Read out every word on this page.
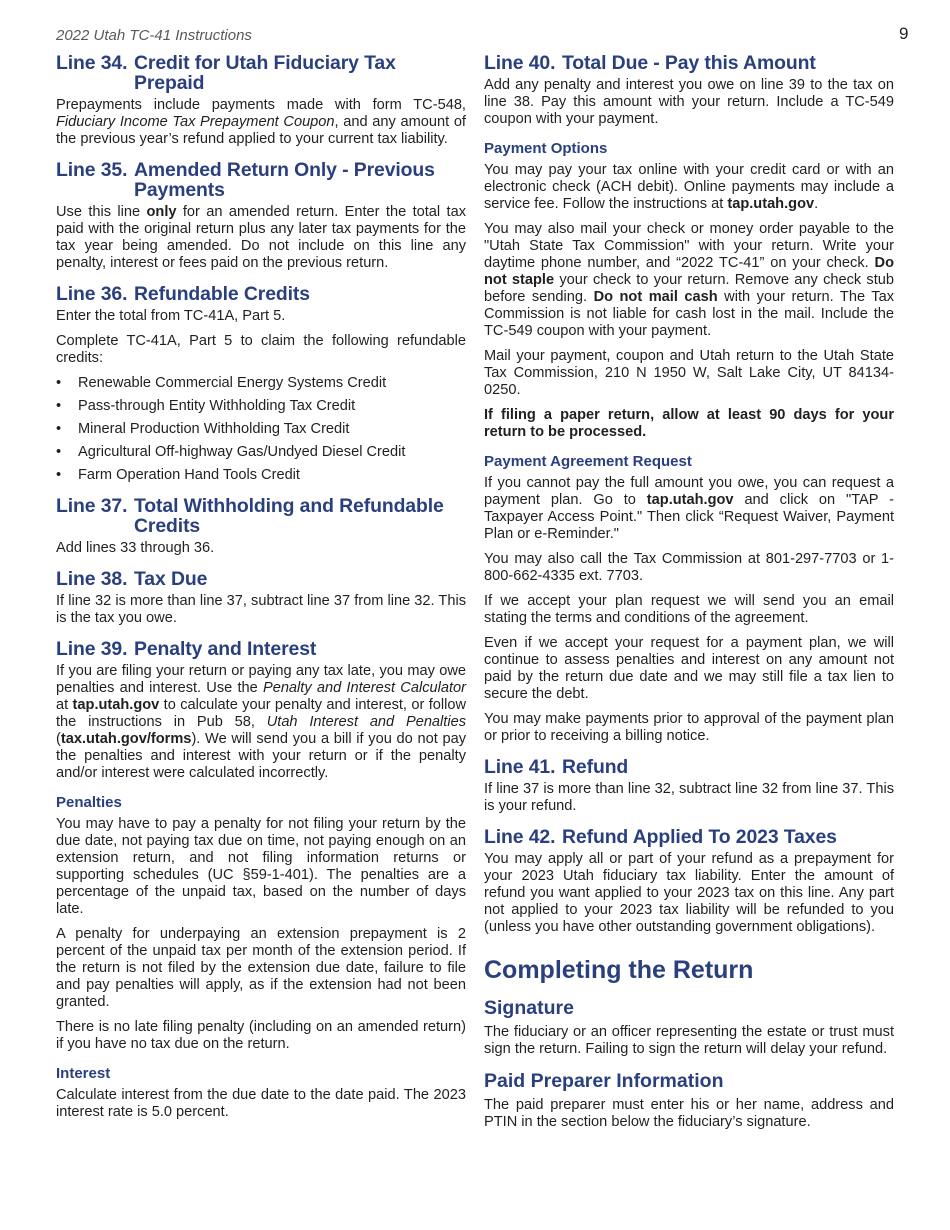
2022 Utah TC-41 Instructions	9
Line 34. Credit for Utah Fiduciary Tax Prepaid

Prepayments include payments made with form TC-548, Fiduciary Income Tax Prepayment Coupon, and any amount of the previous year’s refund applied to your current tax liability.

Line 35. Amended Return Only - Previous Payments

Use this line only for an amended return. Enter the total tax paid with the original return plus any later tax payments for the tax year being amended. Do not include on this line any penalty, interest or fees paid on the previous return.

Line 36. Refundable Credits

Enter the total from TC-41A, Part 5.

Complete TC-41A, Part 5 to claim the following refundable credits:

• Renewable Commercial Energy Systems Credit
• Pass-through Entity Withholding Tax Credit
• Mineral Production Withholding Tax Credit
• Agricultural Off-highway Gas/Undyed Diesel Credit
• Farm Operation Hand Tools Credit
Line 37. Total Withholding and Refundable Credits

Add lines 33 through 36.

Line 38. Tax Due

If line 32 is more than line 37, subtract line 37 from line 32. This is the tax you owe.

Line 39. Penalty and Interest

If you are filing your return or paying any tax late, you may owe penalties and interest. Use the Penalty and Interest Calculator at tap.utah.gov to calculate your penalty and interest, or follow the instructions in Pub 58, Utah Interest and Penalties (tax.utah.gov/forms). We will send you a bill if you do not pay the penalties and interest with your return or if the penalty and/or interest were calculated incorrectly.

Penalties

You may have to pay a penalty for not filing your return by the due date, not paying tax due on time, not paying enough on an extension return, and not filing information returns or supporting schedules (UC §59-1-401). The penalties are a percentage of the unpaid tax, based on the number of days late.

A penalty for underpaying an extension prepayment is 2 percent of the unpaid tax per month of the extension period. If the return is not filed by the extension due date, failure to file and pay penalties will apply, as if the extension had not been granted.

There is no late filing penalty (including on an amended return) if you have no tax due on the return.

Interest

Calculate interest from the due date to the date paid. The 2023 interest rate is 5.0 percent.

Line 40. Total Due - Pay this Amount

Add any penalty and interest you owe on line 39 to the tax on line 38. Pay this amount with your return. Include a TC-549 coupon with your payment.

Payment Options

You may pay your tax online with your credit card or with an electronic check (ACH debit). Online payments may include a service fee. Follow the instructions at tap.utah.gov.

You may also mail your check or money order payable to the "Utah State Tax Commission" with your return. Write your daytime phone number, and “2022 TC-41” on your check. Do not staple your check to your return. Remove any check stub before sending. Do not mail cash with your return. The Tax Commission is not liable for cash lost in the mail. Include the TC-549 coupon with your payment.

Mail your payment, coupon and Utah return to the Utah State Tax Commission, 210 N 1950 W, Salt Lake City, UT 84134-0250.

If filing a paper return, allow at least 90 days for your return to be processed.

Payment Agreement Request

If you cannot pay the full amount you owe, you can request a payment plan. Go to tap.utah.gov and click on "TAP - Taxpayer Access Point." Then click “Request Waiver, Payment Plan or e-Reminder."

You may also call the Tax Commission at 801-297-7703 or 1-800-662-4335 ext. 7703.

If we accept your plan request we will send you an email stating the terms and conditions of the agreement.

Even if we accept your request for a payment plan, we will continue to assess penalties and interest on any amount not paid by the return due date and we may still file a tax lien to secure the debt.

You may make payments prior to approval of the payment plan or prior to receiving a billing notice.

Line 41. Refund

If line 37 is more than line 32, subtract line 32 from line 37. This is your refund.

Line 42. Refund Applied To 2023 Taxes

You may apply all or part of your refund as a prepayment for your 2023 Utah fiduciary tax liability. Enter the amount of refund you want applied to your 2023 tax on this line. Any part not applied to your 2023 tax liability will be refunded to you (unless you have other outstanding government obligations).

Completing the Return
Signature

The fiduciary or an officer representing the estate or trust must sign the return. Failing to sign the return will delay your refund.

Paid Preparer Information

The paid preparer must enter his or her name, address and PTIN in the section below the fiduciary’s signature.
